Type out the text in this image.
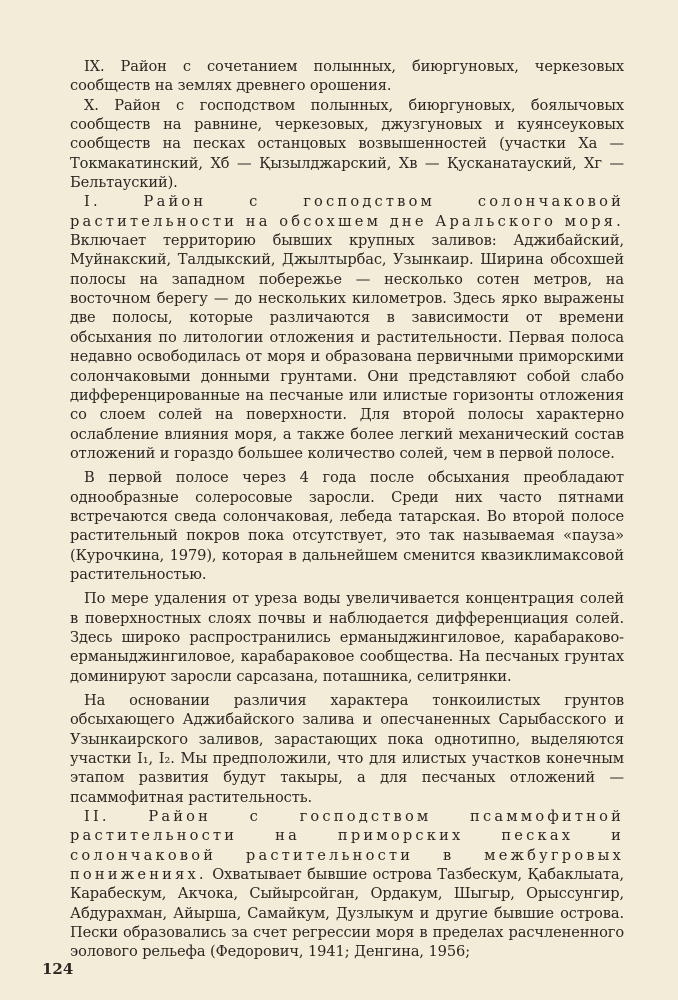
IX. Район с сочетанием полынных, биюргуновых, черкезовых сообществ на землях древнего орошения.

X. Район с господством полынных, биюргуновых, боялычовых сообществ на равнине, черкезовых, джузгуновых и куянсеуковых сообществ на песках останцовых возвышенностей (участки Xа — Токмакатинский, Xб — Қызылджарский, Xв — Қусканатауский, Xг — Бельтауский).

I. Район с господством солончаковой растительности на обсохшем дне Аральского моря. Включает территорию бывших крупных заливов: Аджибайский, Муйнакский, Талдыкский, Джылтырбас, Узынкаир. Ширина обсохшей полосы на западном побережье — несколько сотен метров, на восточном берегу — до нескольких километров. Здесь ярко выражены две полосы, которые различаются в зависимости от времени обсыхания по литологии отложения и растительности. Первая полоса недавно освободилась от моря и образована первичными приморскими солончаковыми донными грунтами. Они представляют собой слабо дифференцированные на песчаные или илистые горизонты отложения со слоем солей на поверхности. Для второй полосы характерно ослабление влияния моря, а также более легкий механический состав отложений и гораздо большее количество солей, чем в первой полосе.

В первой полосе через 4 года после обсыхания преобладают однообразные солеросовые заросли. Среди них часто пятнами встречаются сведа солончаковая, лебеда татарская. Во второй полосе растительный покров пока отсутствует, это так называемая «пауза» (Курочкина, 1979), которая в дальнейшем сменится квазиклимаксовой растительностью.

По мере удаления от уреза воды увеличивается концентрация солей в поверхностных слоях почвы и наблюдается дифференциация солей. Здесь широко распространились ерманыджингиловое, карабараково-ерманыджингиловое, карабараковое сообщества. На песчаных грунтах доминируют заросли сарсазана, поташника, селитрянки.

На основании различия характера тонкоилистых грунтов обсыхающего Аджибайского залива и опесчаненных Сарыбасского и Узынкаирского заливов, зарастающих пока однотипно, выделяются участки I₁, I₂. Мы предположили, что для илистых участков конечным этапом развития будут такыры, а для песчаных отложений — псаммофитная растительность.

II. Район с господством псаммофитной растительности на приморских песках и солончаковой растительности в межбугровых понижениях. Охватывает бывшие острова Тазбескум, Қабаклыата, Карабескум, Акчока, Сыйырсойган, Ордакум, Шыгыр, Орыссунгир, Абдурахман, Айырша, Самайкум, Дузлыкум и другие бывшие острова. Пески образовались за счет регрессии моря в пределах расчлененного эолового рельефа (Федорович, 1941; Денгина, 1956;

124
